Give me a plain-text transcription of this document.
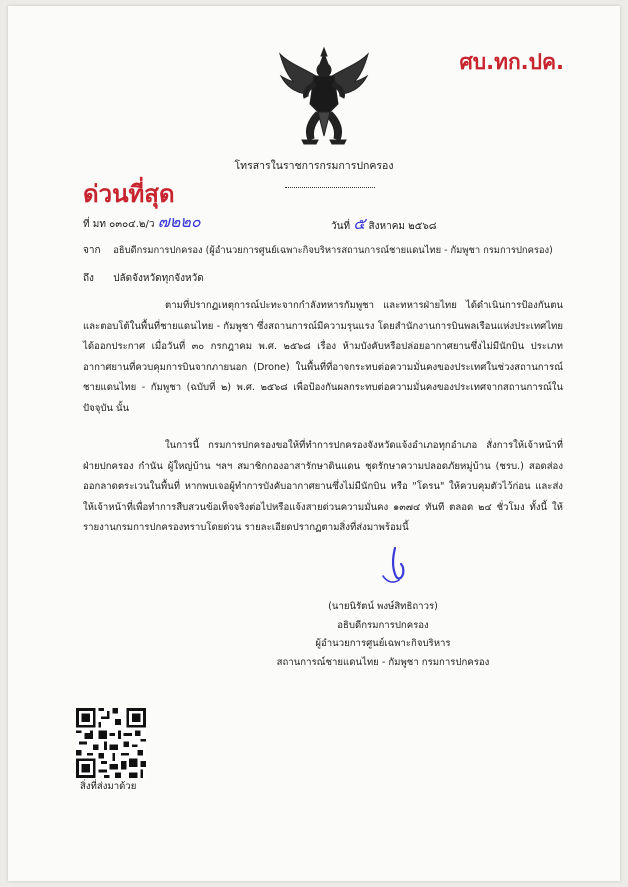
ศบ.ทก.ปค.
โทรสารในราชการกรมการปกครอง
ด่วนที่สุด
ที่ มท ๐๓๐๔.๒/ว ๗๒๒๐	วันที่ ๕ สิงหาคม ๒๕๖๘
จาก อธิบดีกรมการปกครอง (ผู้อำนวยการศูนย์เฉพาะกิจบริหารสถานการณ์ชายแดนไทย - กัมพูชา กรมการปกครอง)
ถึง ปลัดจังหวัดทุกจังหวัด
ตามที่ปรากฏเหตุการณ์ปะทะจากกำลังทหารกัมพูชา และทหารฝ่ายไทย ได้ดำเนินการป้องกันตนและตอบโต้ในพื้นที่ชายแดนไทย - กัมพูชา ซึ่งสถานการณ์มีความรุนแรง โดยสำนักงานการบินพลเรือนแห่งประเทศไทย ได้ออกประกาศ เมื่อวันที่ ๓๐ กรกฎาคม พ.ศ. ๒๕๖๘ เรื่อง ห้ามบังคับหรือปล่อยอากาศยานซึ่งไม่มีนักบิน ประเภทอากาศยานที่ควบคุมการบินจากภายนอก (Drone) ในพื้นที่ที่อาจกระทบต่อความมั่นคงของประเทศในช่วงสถานการณ์ชายแดนไทย - กัมพูชา (ฉบับที่ ๒) พ.ศ. ๒๕๖๘ เพื่อป้องกันผลกระทบต่อความมั่นคงของประเทศจากสถานการณ์ในปัจจุบัน นั้น
ในการนี้ กรมการปกครองขอให้ที่ทำการปกครองจังหวัดแจ้งอำเภอทุกอำเภอ สั่งการให้เจ้าหน้าที่ฝ่ายปกครอง กำนัน ผู้ใหญ่บ้าน ฯลฯ สมาชิกกองอาสารักษาดินแดน ชุดรักษาความปลอดภัยหมู่บ้าน (ชรบ.) สอดส่องออกลาดตระเวนในพื้นที่ หากพบเจอผู้ทำการบังคับอากาศยานซึ่งไม่มีนักบิน หรือ "โดรน" ให้ควบคุมตัวไว้ก่อน และส่งให้เจ้าหน้าที่เพื่อทำการสืบสวนข้อเท็จจริงต่อไปหรือแจ้งสายด่วนความมั่นคง ๑๓๗๔ ทันที ตลอด ๒๔ ชั่วโมง ทั้งนี้ ให้รายงานกรมการปกครองทราบโดยด่วน รายละเอียดปรากฏตามสิ่งที่ส่งมาพร้อมนี้
(นายนิรัตน์ พงษ์สิทธิถาวร)
อธิบดีกรมการปกครอง
ผู้อำนวยการศูนย์เฉพาะกิจบริหาร
สถานการณ์ชายแดนไทย - กัมพูชา กรมการปกครอง
สิ่งที่ส่งมาด้วย
